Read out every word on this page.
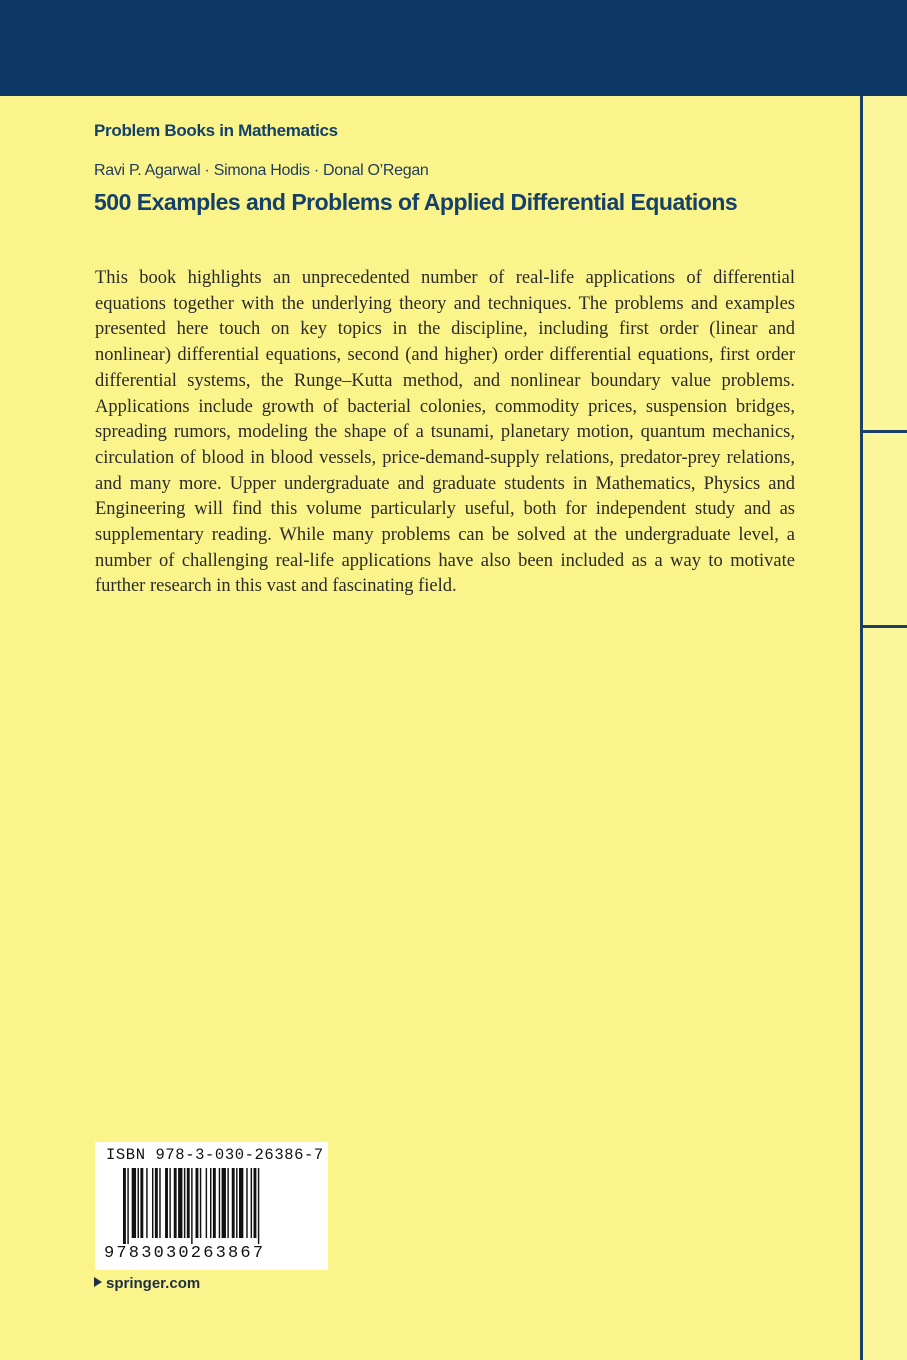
Problem Books in Mathematics
Ravi P. Agarwal · Simona Hodis · Donal O’Regan
500 Examples and Problems of Applied Differential Equations

This book highlights an unprecedented number of real-life applications of differential equations together with the underlying theory and techniques. The problems and examples presented here touch on key topics in the discipline, including first order (linear and nonlinear) differential equations, second (and higher) order differential equations, first order differential systems, the Runge–Kutta method, and nonlinear boundary value problems. Applications include growth of bacterial colonies, commodity prices, suspension bridges, spreading rumors, modeling the shape of a tsunami, planetary motion, quantum mechanics, circulation of blood in blood vessels, price-demand-supply relations, predator-prey relations, and many more. Upper undergraduate and graduate students in Mathematics, Physics and Engineering will find this volume particularly useful, both for independent study and as supplementary reading. While many problems can be solved at the undergraduate level, a number of challenging real-life applications have also been included as a way to motivate further research in this vast and fascinating field.

ISBN 978-3-030-26386-7
9783030263867
springer.com
